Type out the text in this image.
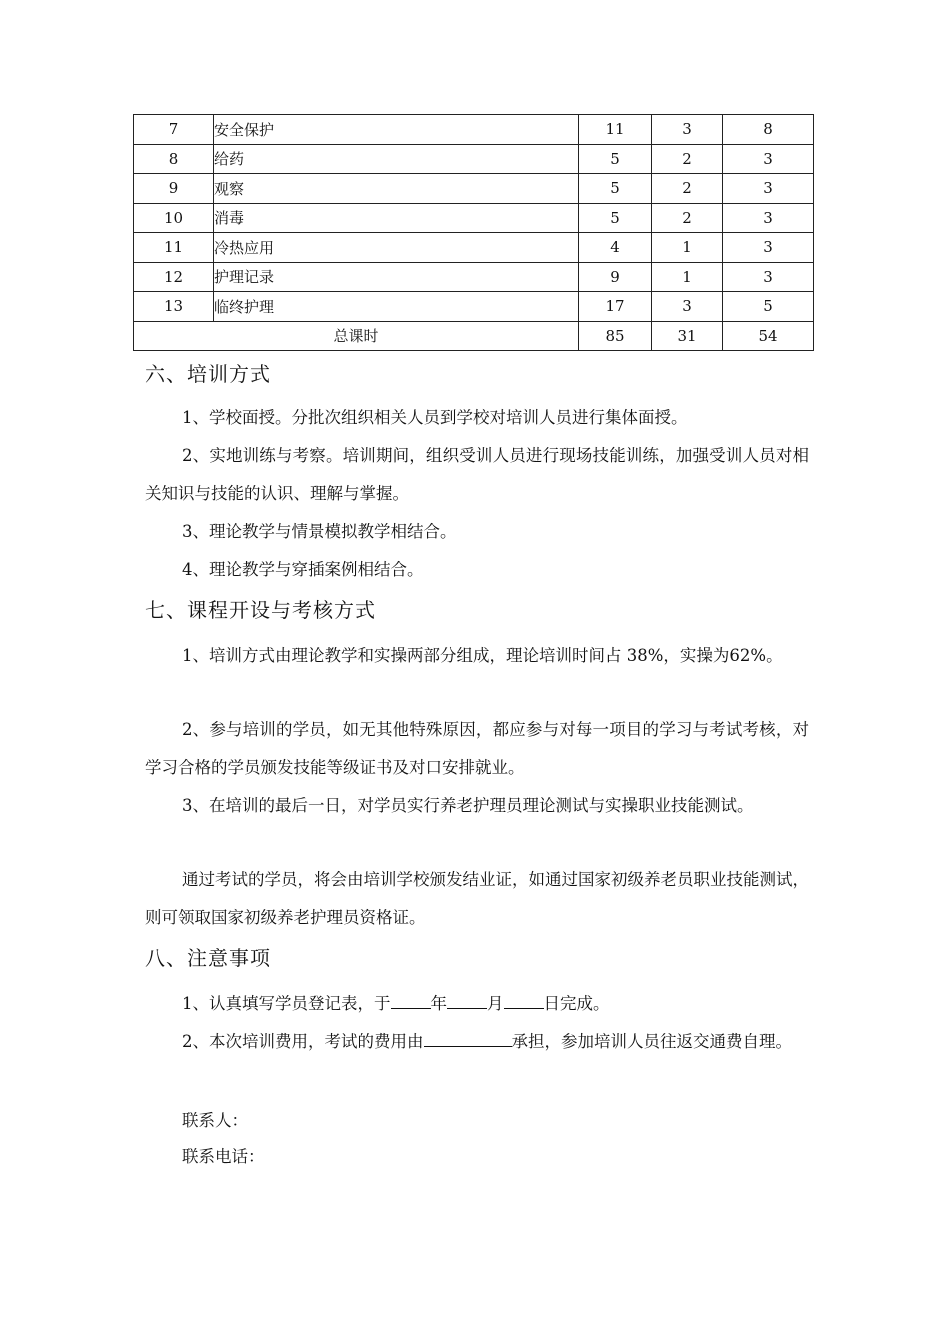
7	安全保护	11	3	8
8	给药	5	2	3
9	观察	5	2	3
10	消毒	5	2	3
11	冷热应用	4	1	3
12	护理记录	9	1	3
13	临终护理	17	3	5
总课时		85	31	54
六、培训方式
1、学校面授。分批次组织相关人员到学校对培训人员进行集体面授。
2、实地训练与考察。培训期间，组织受训人员进行现场技能训练，加强受训人员对相关知识与技能的认识、理解与掌握。
3、理论教学与情景模拟教学相结合。
4、理论教学与穿插案例相结合。
七、课程开设与考核方式
1、培训方式由理论教学和实操两部分组成，理论培训时间占 38%，实操为62%。
2、参与培训的学员，如无其他特殊原因，都应参与对每一项目的学习与考试考核，对学习合格的学员颁发技能等级证书及对口安排就业。
3、在培训的最后一日，对学员实行养老护理员理论测试与实操职业技能测试。
通过考试的学员，将会由培训学校颁发结业证，如通过国家初级养老员职业技能测试，则可领取国家初级养老护理员资格证。
八、注意事项
1、认真填写学员登记表，于 年 月 日完成。
2、本次培训费用，考试的费用由	承担，参加培训人员往返交通费自理。
联系人：
联系电话：
